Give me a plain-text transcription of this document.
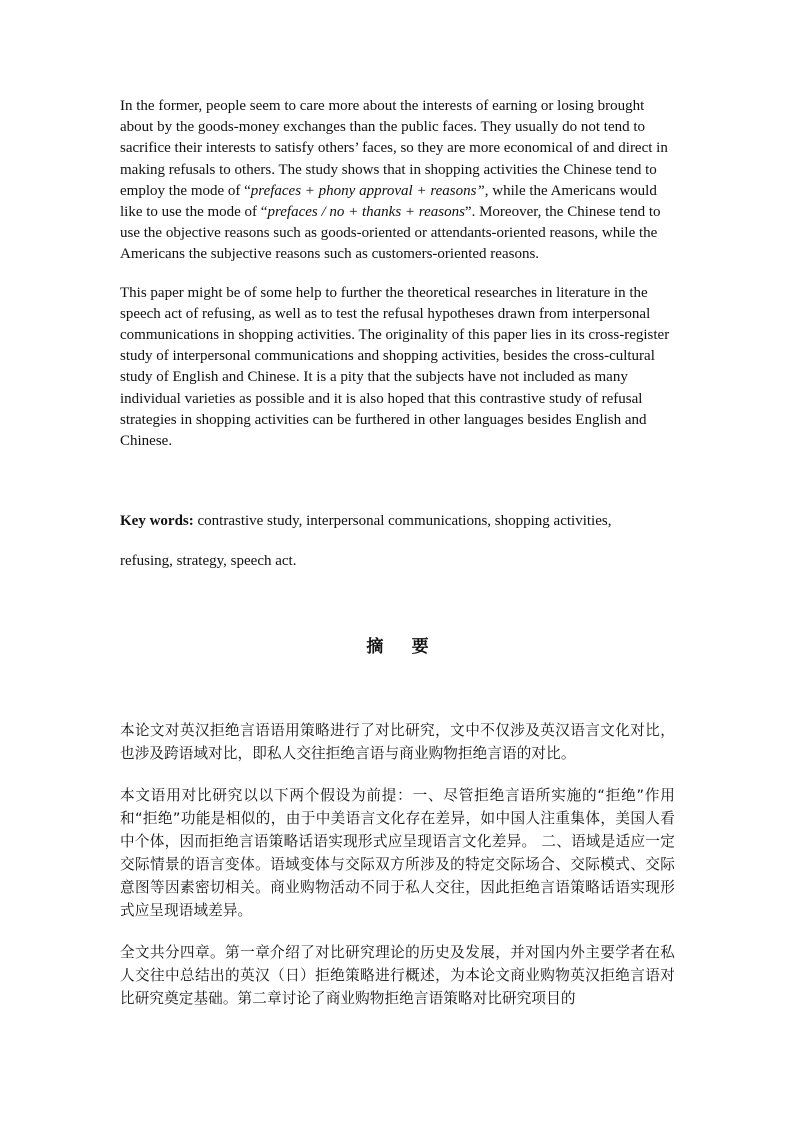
In the former, people seem to care more about the interests of earning or losing brought about by the goods-money exchanges than the public faces. They usually do not tend to sacrifice their interests to satisfy others’ faces, so they are more economical of and direct in making refusals to others. The study shows that in shopping activities the Chinese tend to employ the mode of “prefaces + phony approval + reasons”, while the Americans would like to use the mode of “prefaces / no + thanks + reasons”. Moreover, the Chinese tend to use the objective reasons such as goods-oriented or attendants-oriented reasons, while the Americans the subjective reasons such as customers-oriented reasons.

This paper might be of some help to further the theoretical researches in literature in the speech act of refusing, as well as to test the refusal hypotheses drawn from interpersonal communications in shopping activities. The originality of this paper lies in its cross-register study of interpersonal communications and shopping activities, besides the cross-cultural study of English and Chinese. It is a pity that the subjects have not included as many individual varieties as possible and it is also hoped that this contrastive study of refusal strategies in shopping activities can be furthered in other languages besides English and Chinese.

Key words: contrastive study, interpersonal communications, shopping activities,

refusing, strategy, speech act.

摘 要

本论文对英汉拒绝言语语用策略进行了对比研究，文中不仅涉及英汉语言文化对比，也涉及跨语域对比，即私人交往拒绝言语与商业购物拒绝言语的对比。

本文语用对比研究以以下两个假设为前提：一、尽管拒绝言语所实施的“拒绝”作用和“拒绝”功能是相似的，由于中美语言文化存在差异，如中国人注重集体，美国人看中个体，因而拒绝言语策略话语实现形式应呈现语言文化差异。 二、语域是适应一定交际情景的语言变体。语域变体与交际双方所涉及的特定交际场合、交际模式、交际意图等因素密切相关。商业购物活动不同于私人交往，因此拒绝言语策略话语实现形式应呈现语域差异。

全文共分四章。第一章介绍了对比研究理论的历史及发展，并对国内外主要学者在私人交往中总结出的英汉（日）拒绝策略进行概述，为本论文商业购物英汉拒绝言语对比研究奠定基础。第二章讨论了商业购物拒绝言语策略对比研究项目的
